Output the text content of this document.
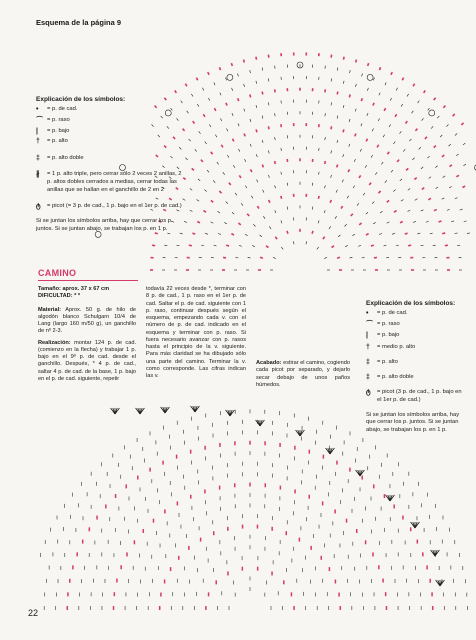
Esquema de la página 9
Explicación de los símbolos:
•	= p. de cad.
⌒ = p. raso
|	= p. bajo
†	= p. alto
‡	= p. alto doble
∦	= 1 p. alto triple, pero cerrar sólo 2 veces 2 anillas, 2 p. altos dobles cerrados a medias, cerrar todas las anillas que se hallan en el ganchillo de 2 en 2
ტ	= picot (= 3 p. de cad., 1 p. bajo en el 1er p. de cad.)
Si se juntan los símbolos arriba, hay que cerrar los p. juntos. Si se juntan abajo, se trabajan los p. en 1 p.
CAMINO
Tamaño: aprox. 37 x 67 cm
DIFICULTAD: * *
Material: Aprox. 50 g. de hilo de algodón blanco Schulgarn 10/4 de Lang (largo 160 m/50 g), un ganchillo de nº 2-3.
Realización: montar 124 p. de cad. (comienzo en la flecha) y trabajar 1 p. bajo en el 9º p. de cad. desde el ganchillo. Después, * 4 p. de cad., saltar 4 p. de cad. de la base, 1 p. bajo en el p. de cad. siguiente, repetir
todavía 22 veces desde *, terminar con 8 p. de cad., 1 p. raso en el 1er p. de cad. Saltar el p. de cad. siguiente con 1 p. raso, continuar después según el esquema, empezando cada v. con el número de p. de cad. indicado en el esquema y terminar con p. raso. Si fuera necesario avanzar con p. rasos hasta el principio de la v. siguiente. Para más claridad se ha dibujado sólo una parte del camino. Terminar la v. como corresponde. Las cifras indican las v.
Acabado: estirar el camino, cogiendo cada picot por separado, y dejarlo secar debajo de unos paños húmedos.
Explicación de los símbolos:
•	= p. de cad.
⌒ = p. raso
|	= p. bajo
†	= medio p. alto
‡	= p. alto
‡	= p. alto doble
ტ	= picot (3 p. de cad., 1 p. bajo en el 1er p. de cad.)
Si se juntan los símbolos arriba, hay que cerrar los p. juntos. Si se juntan abajo, se trabajan los p. en 1 p.
22
